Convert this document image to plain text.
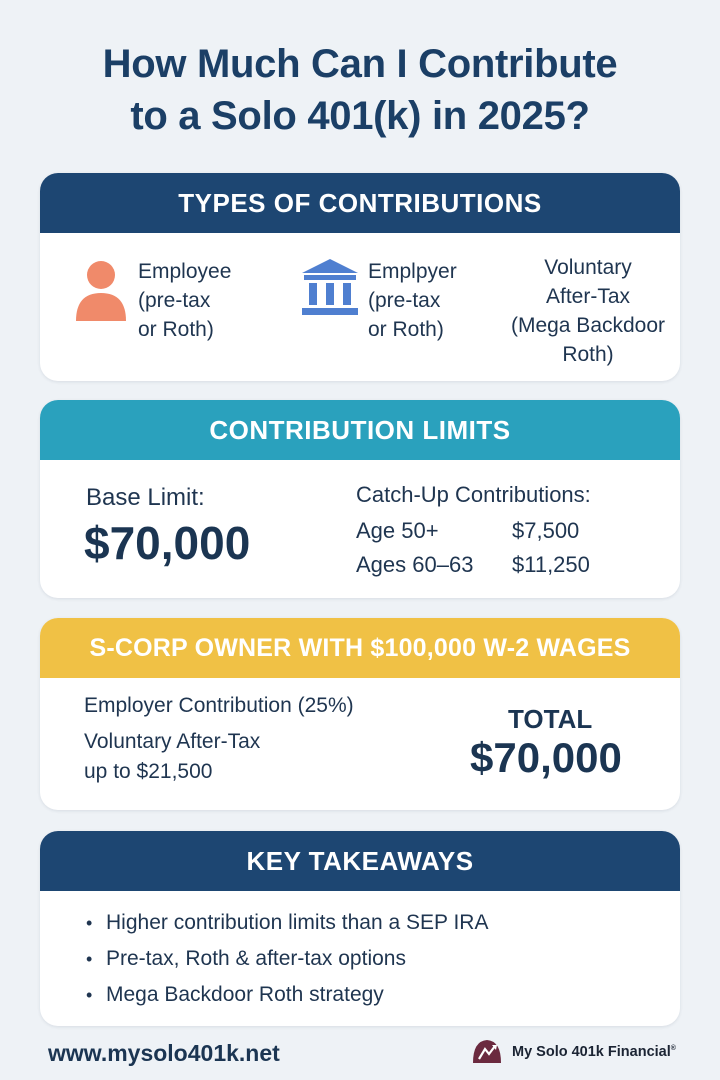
How Much Can I Contribute
to a Solo 401(k) in 2025?
TYPES OF CONTRIBUTIONS
Employee
(pre-tax
or Roth)
Emplpyer
(pre-tax
or Roth)
Voluntary
After-Tax
(Mega Backdoor
Roth)
CONTRIBUTION LIMITS
Base Limit:
$70,000
Catch-Up Contributions:
Age 50+	$7,500
Ages 60–63	$11,250
S-CORP OWNER WITH $100,000 W-2 WAGES
Employer Contribution (25%)
Voluntary After-Tax
up to $21,500
TOTAL
$70,000
KEY TAKEAWAYS
• Higher contribution limits than a SEP IRA
• Pre-tax, Roth & after-tax options
• Mega Backdoor Roth strategy
www.mysolo401k.net	My Solo 401k Financial®
